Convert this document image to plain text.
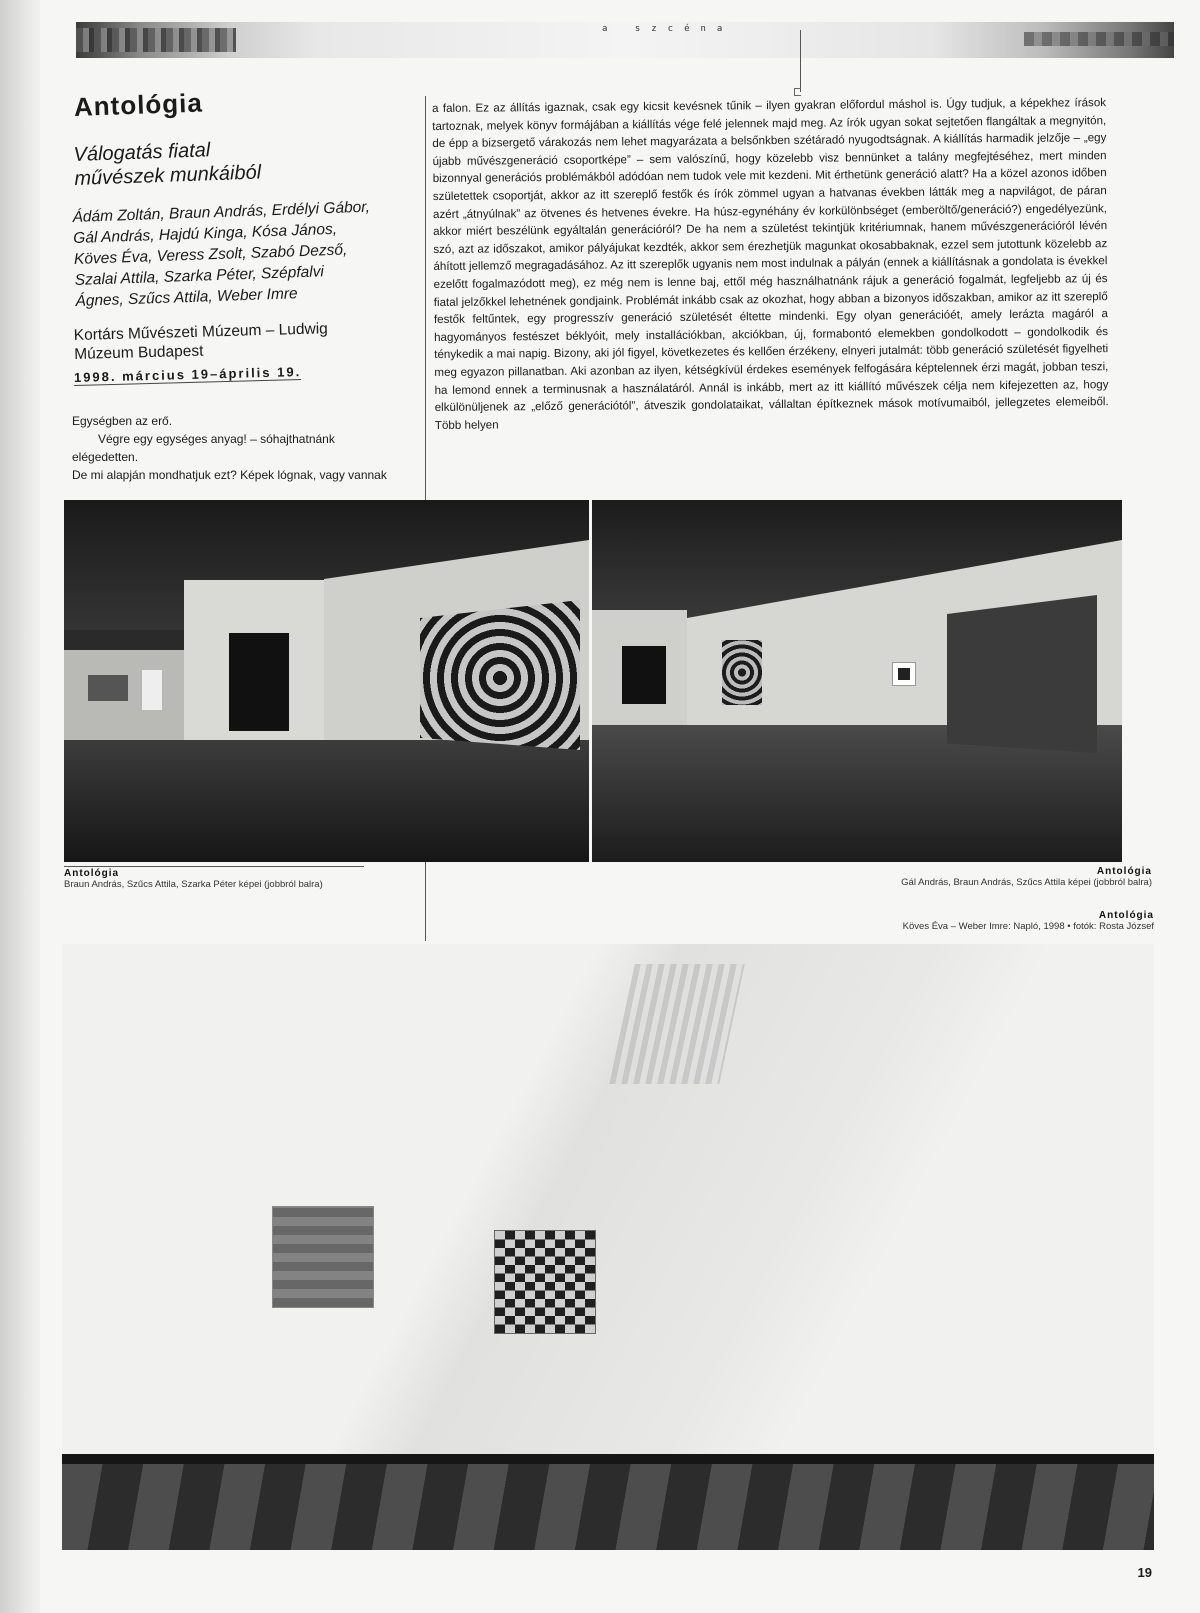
a szcéna
Antológia
Válogatás fiatal
művészek munkáiból
Ádám Zoltán, Braun András, Erdélyi Gábor,
Gál András, Hajdú Kinga, Kósa János,
Köves Éva, Veress Zsolt, Szabó Dezső,
Szalai Attila, Szarka Péter, Szépfalvi
Ágnes, Szűcs Attila, Weber Imre
Kortárs Művészeti Múzeum – Ludwig
Múzeum Budapest
1998. március 19–április 19.

Egységben az erő.

Végre egy egységes anyag! – sóhajthatnánk elégedetten.

De mi alapján mondhatjuk ezt? Képek lógnak, vagy vannak

a falon. Ez az állítás igaznak, csak egy kicsit kevésnek tűnik – ilyen gyakran előfordul máshol is. Úgy tudjuk, a képekhez írások tartoznak, melyek könyv formájában a kiállítás vége felé jelennek majd meg. Az írók ugyan sokat sejtetően flangáltak a megnyitón, de épp a bizsergető várakozás nem lehet magyarázata a belsőnkben szétáradó nyugodtságnak. A kiállítás harmadik jelzője – „egy újabb művészgeneráció csoportképe” – sem valószínű, hogy közelebb visz bennünket a talány megfejtéséhez, mert minden bizonnyal generációs problémákból adódóan nem tudok vele mit kezdeni. Mit érthetünk generáció alatt? Ha a közel azonos időben születettek csoportját, akkor az itt szereplő festők és írók zömmel ugyan a hatvanas években látták meg a napvilágot, de páran azért „átnyúlnak” az ötvenes és hetvenes évekre. Ha húsz-egynéhány év korkülönbséget (emberöltő/generáció?) engedélyezünk, akkor miért beszélünk egyáltalán generációról? De ha nem a születést tekintjük kritériumnak, hanem művészgenerációról lévén szó, azt az időszakot, amikor pályájukat kezdték, akkor sem érezhetjük magunkat okosabbaknak, ezzel sem jutottunk közelebb az áhított jellemző megragadásához. Az itt szereplők ugyanis nem most indulnak a pályán (ennek a kiállításnak a gondolata is évekkel ezelőtt fogalmazódott meg), ez még nem is lenne baj, ettől még használhatnánk rájuk a generáció fogalmát, legfeljebb az új és fiatal jelzőkkel lehetnének gondjaink. Problémát inkább csak az okozhat, hogy abban a bizonyos időszakban, amikor az itt szereplő festők feltűntek, egy progresszív generáció születését éltette mindenki. Egy olyan generációét, amely lerázta magáról a hagyományos festészet béklyóit, mely installációkban, akciókban, új, formabontó elemekben gondolkodott – gondolkodik és ténykedik a mai napig. Bizony, aki jól figyel, következetes és kellően érzékeny, elnyeri jutalmát: több generáció születését figyelheti meg egyazon pillanatban. Aki azonban az ilyen, kétségkívül érdekes események felfogására képtelennek érzi magát, jobban teszi, ha lemond ennek a terminusnak a használatáról. Annál is inkább, mert az itt kiállító művészek célja nem kifejezetten az, hogy elkülönüljenek az „előző generációtól”, átveszik gondolataikat, vállaltan építkeznek mások motívumaiból, jellegzetes elemeiből. Több helyen

Antológia
Braun András, Szűcs Attila, Szarka Péter képei (jobbról balra)
Antológia
Gál András, Braun András, Szűcs Attila képei (jobbról balra)
Antológia
Köves Éva – Weber Imre: Napló, 1998 • fotók: Rosta József
19
